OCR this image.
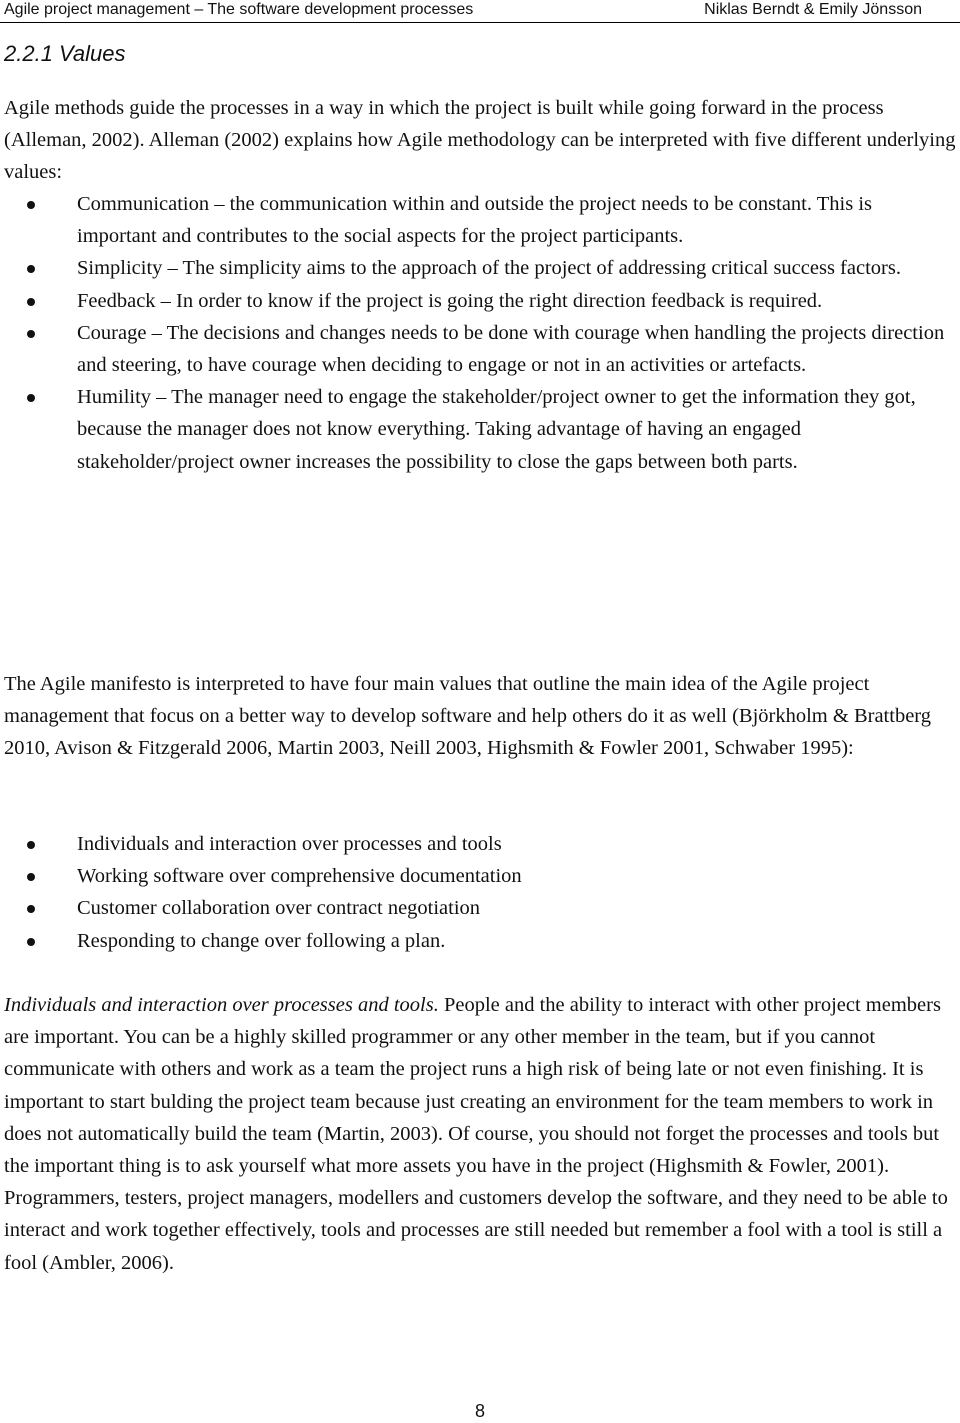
Agile project management – The software development processes	Niklas Berndt & Emily Jönsson
2.2.1 Values

Agile methods guide the processes in a way in which the project is built while going forward in the process (Alleman, 2002). Alleman (2002) explains how Agile methodology can be interpreted with five different underlying values:

Communication – the communication within and outside the project needs to be constant. This is important and contributes to the social aspects for the project participants.
Simplicity – The simplicity aims to the approach of the project of addressing critical success factors.
Feedback – In order to know if the project is going the right direction feedback is required.
Courage – The decisions and changes needs to be done with courage when handling the projects direction and steering, to have courage when deciding to engage or not in an activities or artefacts.
Humility – The manager need to engage the stakeholder/project owner to get the information they got, because the manager does not know everything. Taking advantage of having an engaged stakeholder/project owner increases the possibility to close the gaps between both parts.

The Agile manifesto is interpreted to have four main values that outline the main idea of the Agile project management that focus on a better way to develop software and help others do it as well (Björkholm & Brattberg 2010, Avison & Fitzgerald 2006, Martin 2003, Neill 2003, Highsmith & Fowler 2001, Schwaber 1995):

Individuals and interaction over processes and tools
Working software over comprehensive documentation
Customer collaboration over contract negotiation
Responding to change over following a plan.

Individuals and interaction over processes and tools. People and the ability to interact with other project members are important. You can be a highly skilled programmer or any other member in the team, but if you cannot communicate with others and work as a team the project runs a high risk of being late or not even finishing. It is important to start bulding the project team because just creating an environment for the team members to work in does not automatically build the team (Martin, 2003). Of course, you should not forget the processes and tools but the important thing is to ask yourself what more assets you have in the project (Highsmith & Fowler, 2001). Programmers, testers, project managers, modellers and customers develop the software, and they need to be able to interact and work together effectively, tools and processes are still needed but remember a fool with a tool is still a fool (Ambler, 2006).

8
